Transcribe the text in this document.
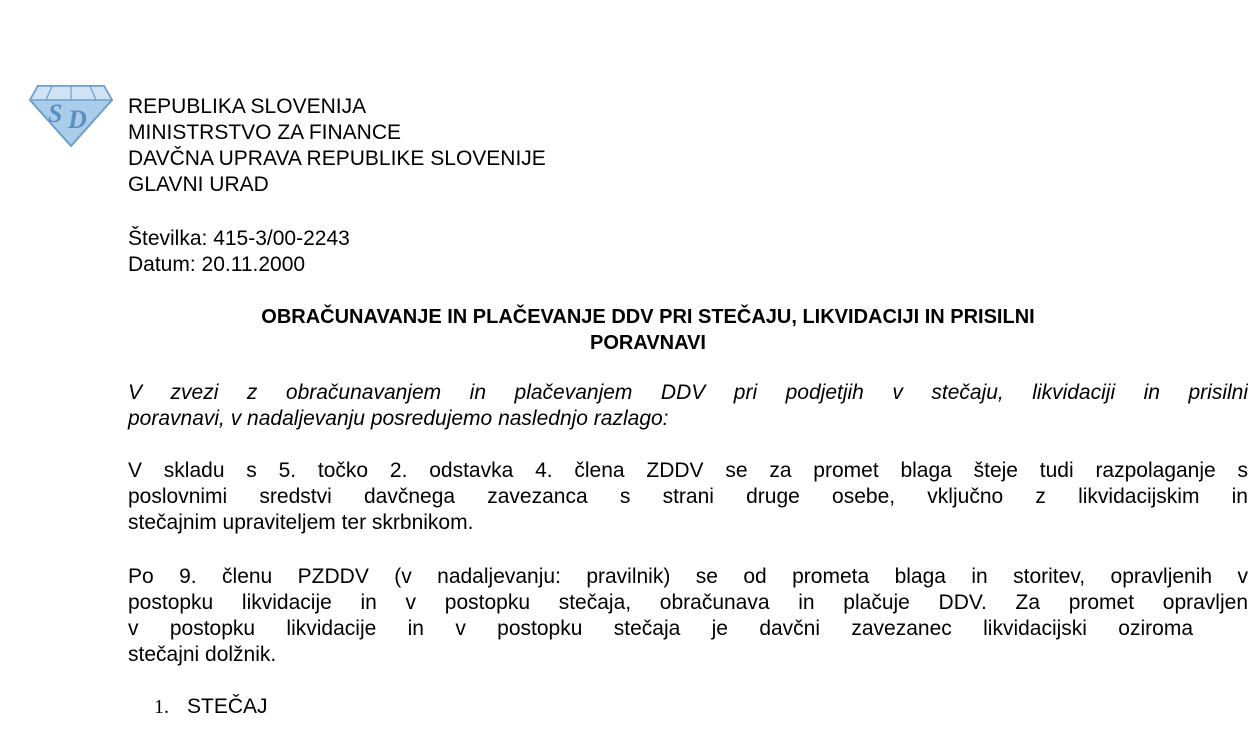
S D REPUBLIKA SLOVENIJA
MINISTRSTVO ZA FINANCE
DAVČNA UPRAVA REPUBLIKE SLOVENIJE
GLAVNI URAD
Številka: 415-3/00-2243
Datum: 20.11.2000
OBRAČUNAVANJE IN PLAČEVANJE DDV PRI STEČAJU, LIKVIDACIJI IN PRISILNI
PORAVNAVI
V zvezi z obračunavanjem in plačevanjem DDV pri podjetjih v stečaju, likvidaciji in prisilni
poravnavi, v nadaljevanju posredujemo naslednjo razlago:
V skladu s 5. točko 2. odstavka 4. člena ZDDV se za promet blaga šteje tudi razpolaganje s
poslovnimi sredstvi davčnega zavezanca s strani druge osebe, vključno z likvidacijskim in
stečajnim upraviteljem ter skrbnikom.
Po 9. členu PZDDV (v nadaljevanju: pravilnik) se od prometa blaga in storitev, opravljenih v
postopku likvidacije in v postopku stečaja, obračunava in plačuje DDV. Za promet opravljen
v postopku likvidacije in v postopku stečaja je davčni zavezanec likvidacijski oziroma
stečajni dolžnik.
1. STEČAJ
